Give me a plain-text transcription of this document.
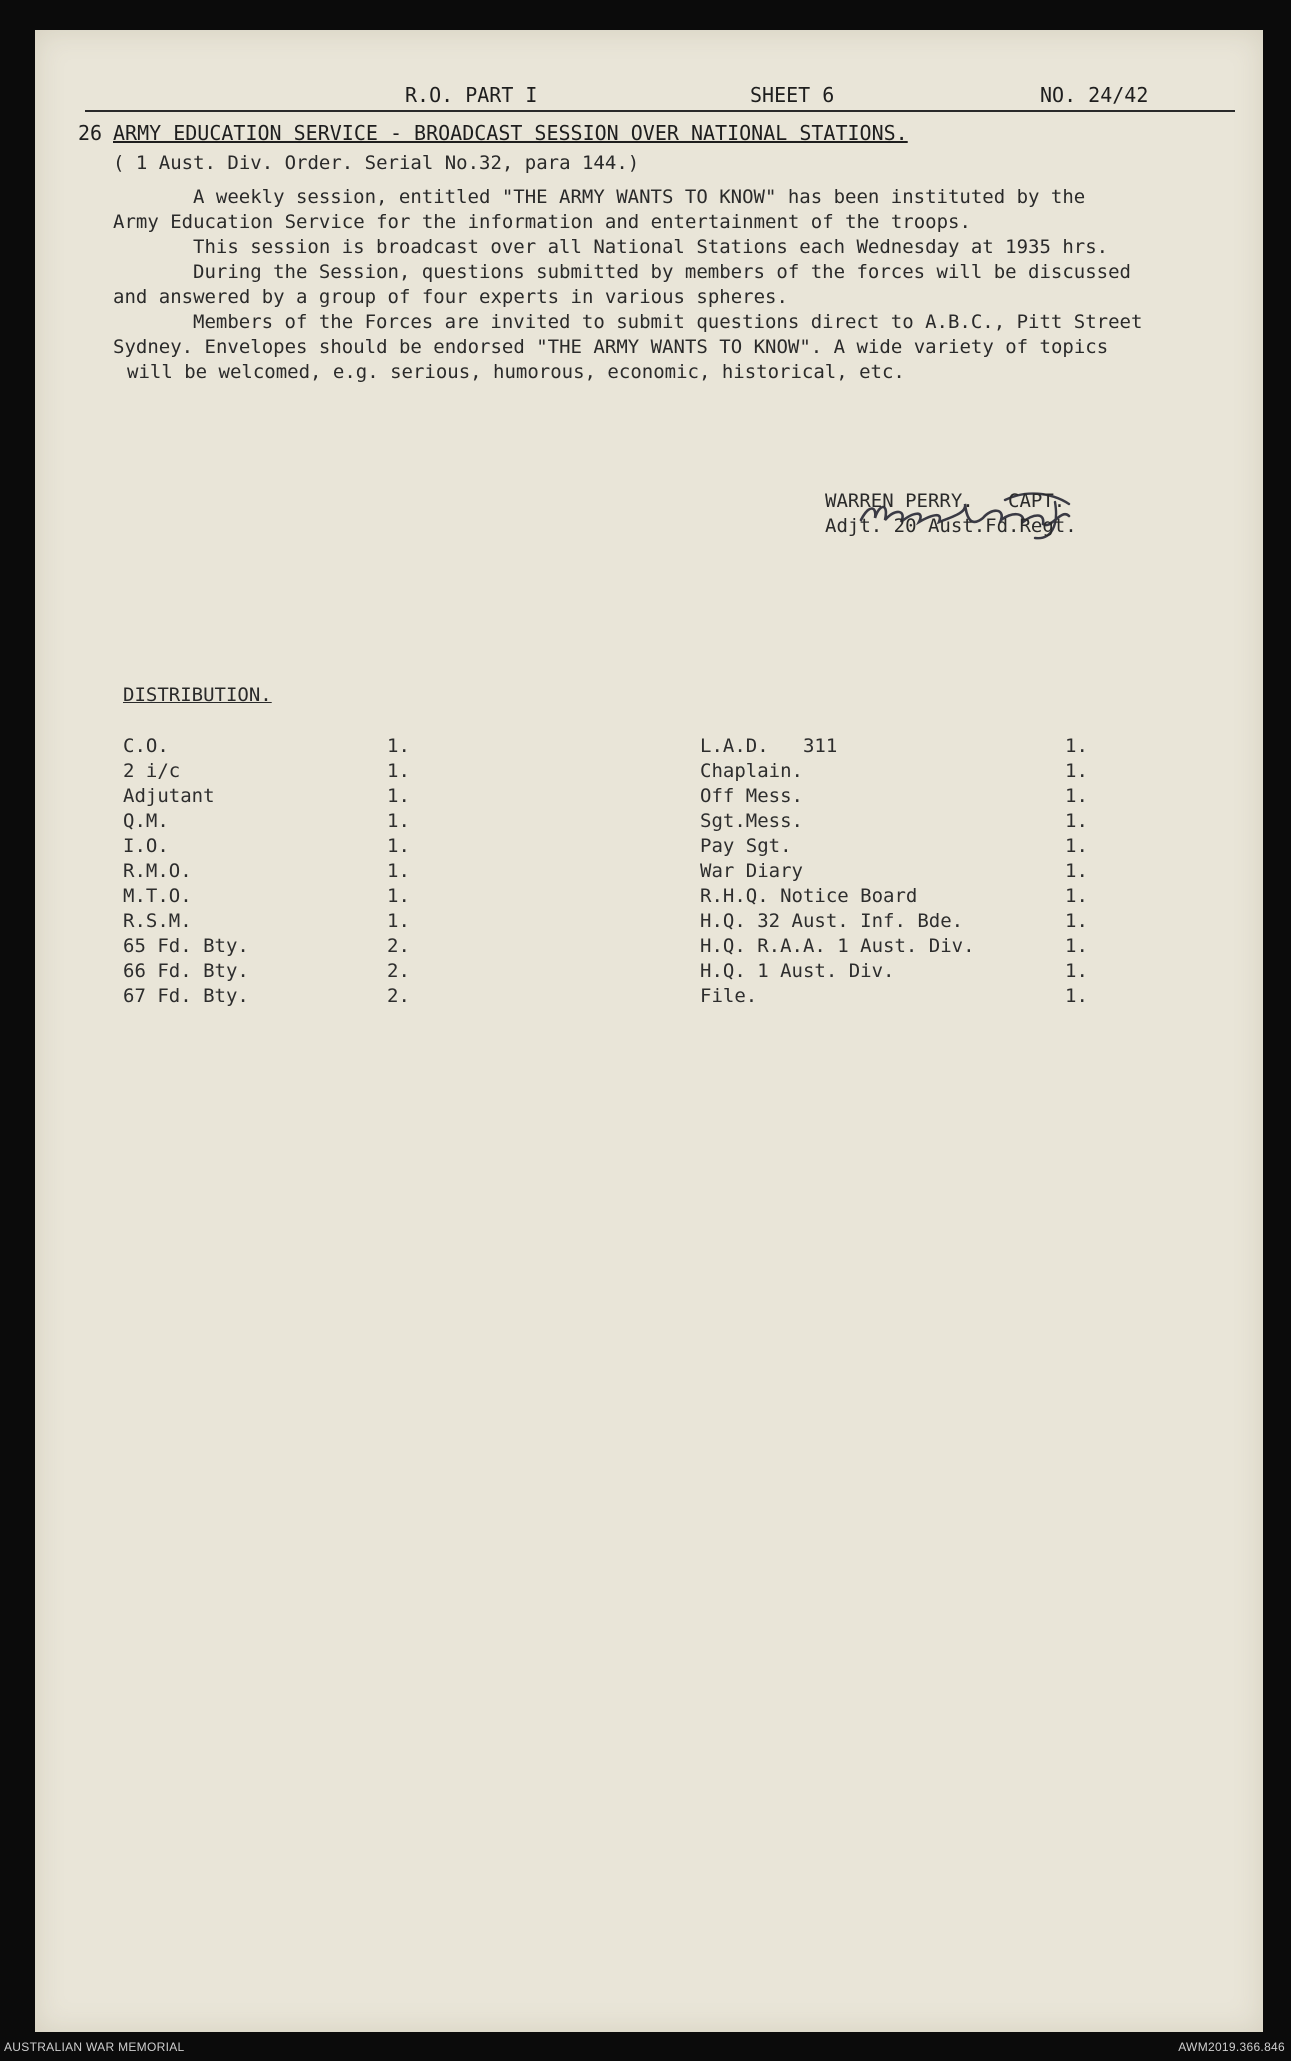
R.O. PART I	SHEET 6	NO. 24/42
26 ARMY EDUCATION SERVICE - BROADCAST SESSION OVER NATIONAL STATIONS.
( 1 Aust. Div. Order. Serial No.32, para 144.)

A weekly session, entitled "THE ARMY WANTS TO KNOW" has been instituted by the

Army Education Service for the information and entertainment of the troops.

This session is broadcast over all National Stations each Wednesday at 1935 hrs.

During the Session, questions submitted by members of the forces will be discussed

and answered by a group of four experts in various spheres.

Members of the Forces are invited to submit questions direct to A.B.C., Pitt Street

Sydney. Envelopes should be endorsed "THE ARMY WANTS TO KNOW". A wide variety of topics

will be welcomed, e.g. serious, humorous, economic, historical, etc.

WARREN PERRY.   CAPT.
Adjt. 20 Aust.Fd.Regt.
DISTRIBUTION.
C.O.	1.	L.A.D.   311	1.
2 i/c	1.	Chaplain.	1.
Adjutant	1.	Off Mess.	1.
Q.M.	1.	Sgt.Mess.	1.
I.O.	1.	Pay Sgt.	1.
R.M.O.	1.	War Diary	1.
M.T.O.	1.	R.H.Q. Notice Board	1.
R.S.M.	1.	H.Q. 32 Aust. Inf. Bde.	1.
65 Fd. Bty.	2.	H.Q. R.A.A. 1 Aust. Div.	1.
66 Fd. Bty.	2.	H.Q. 1 Aust. Div.	1.
67 Fd. Bty.	2.	File.	1.
AUSTRALIAN WAR MEMORIAL	AWM2019.366.846
